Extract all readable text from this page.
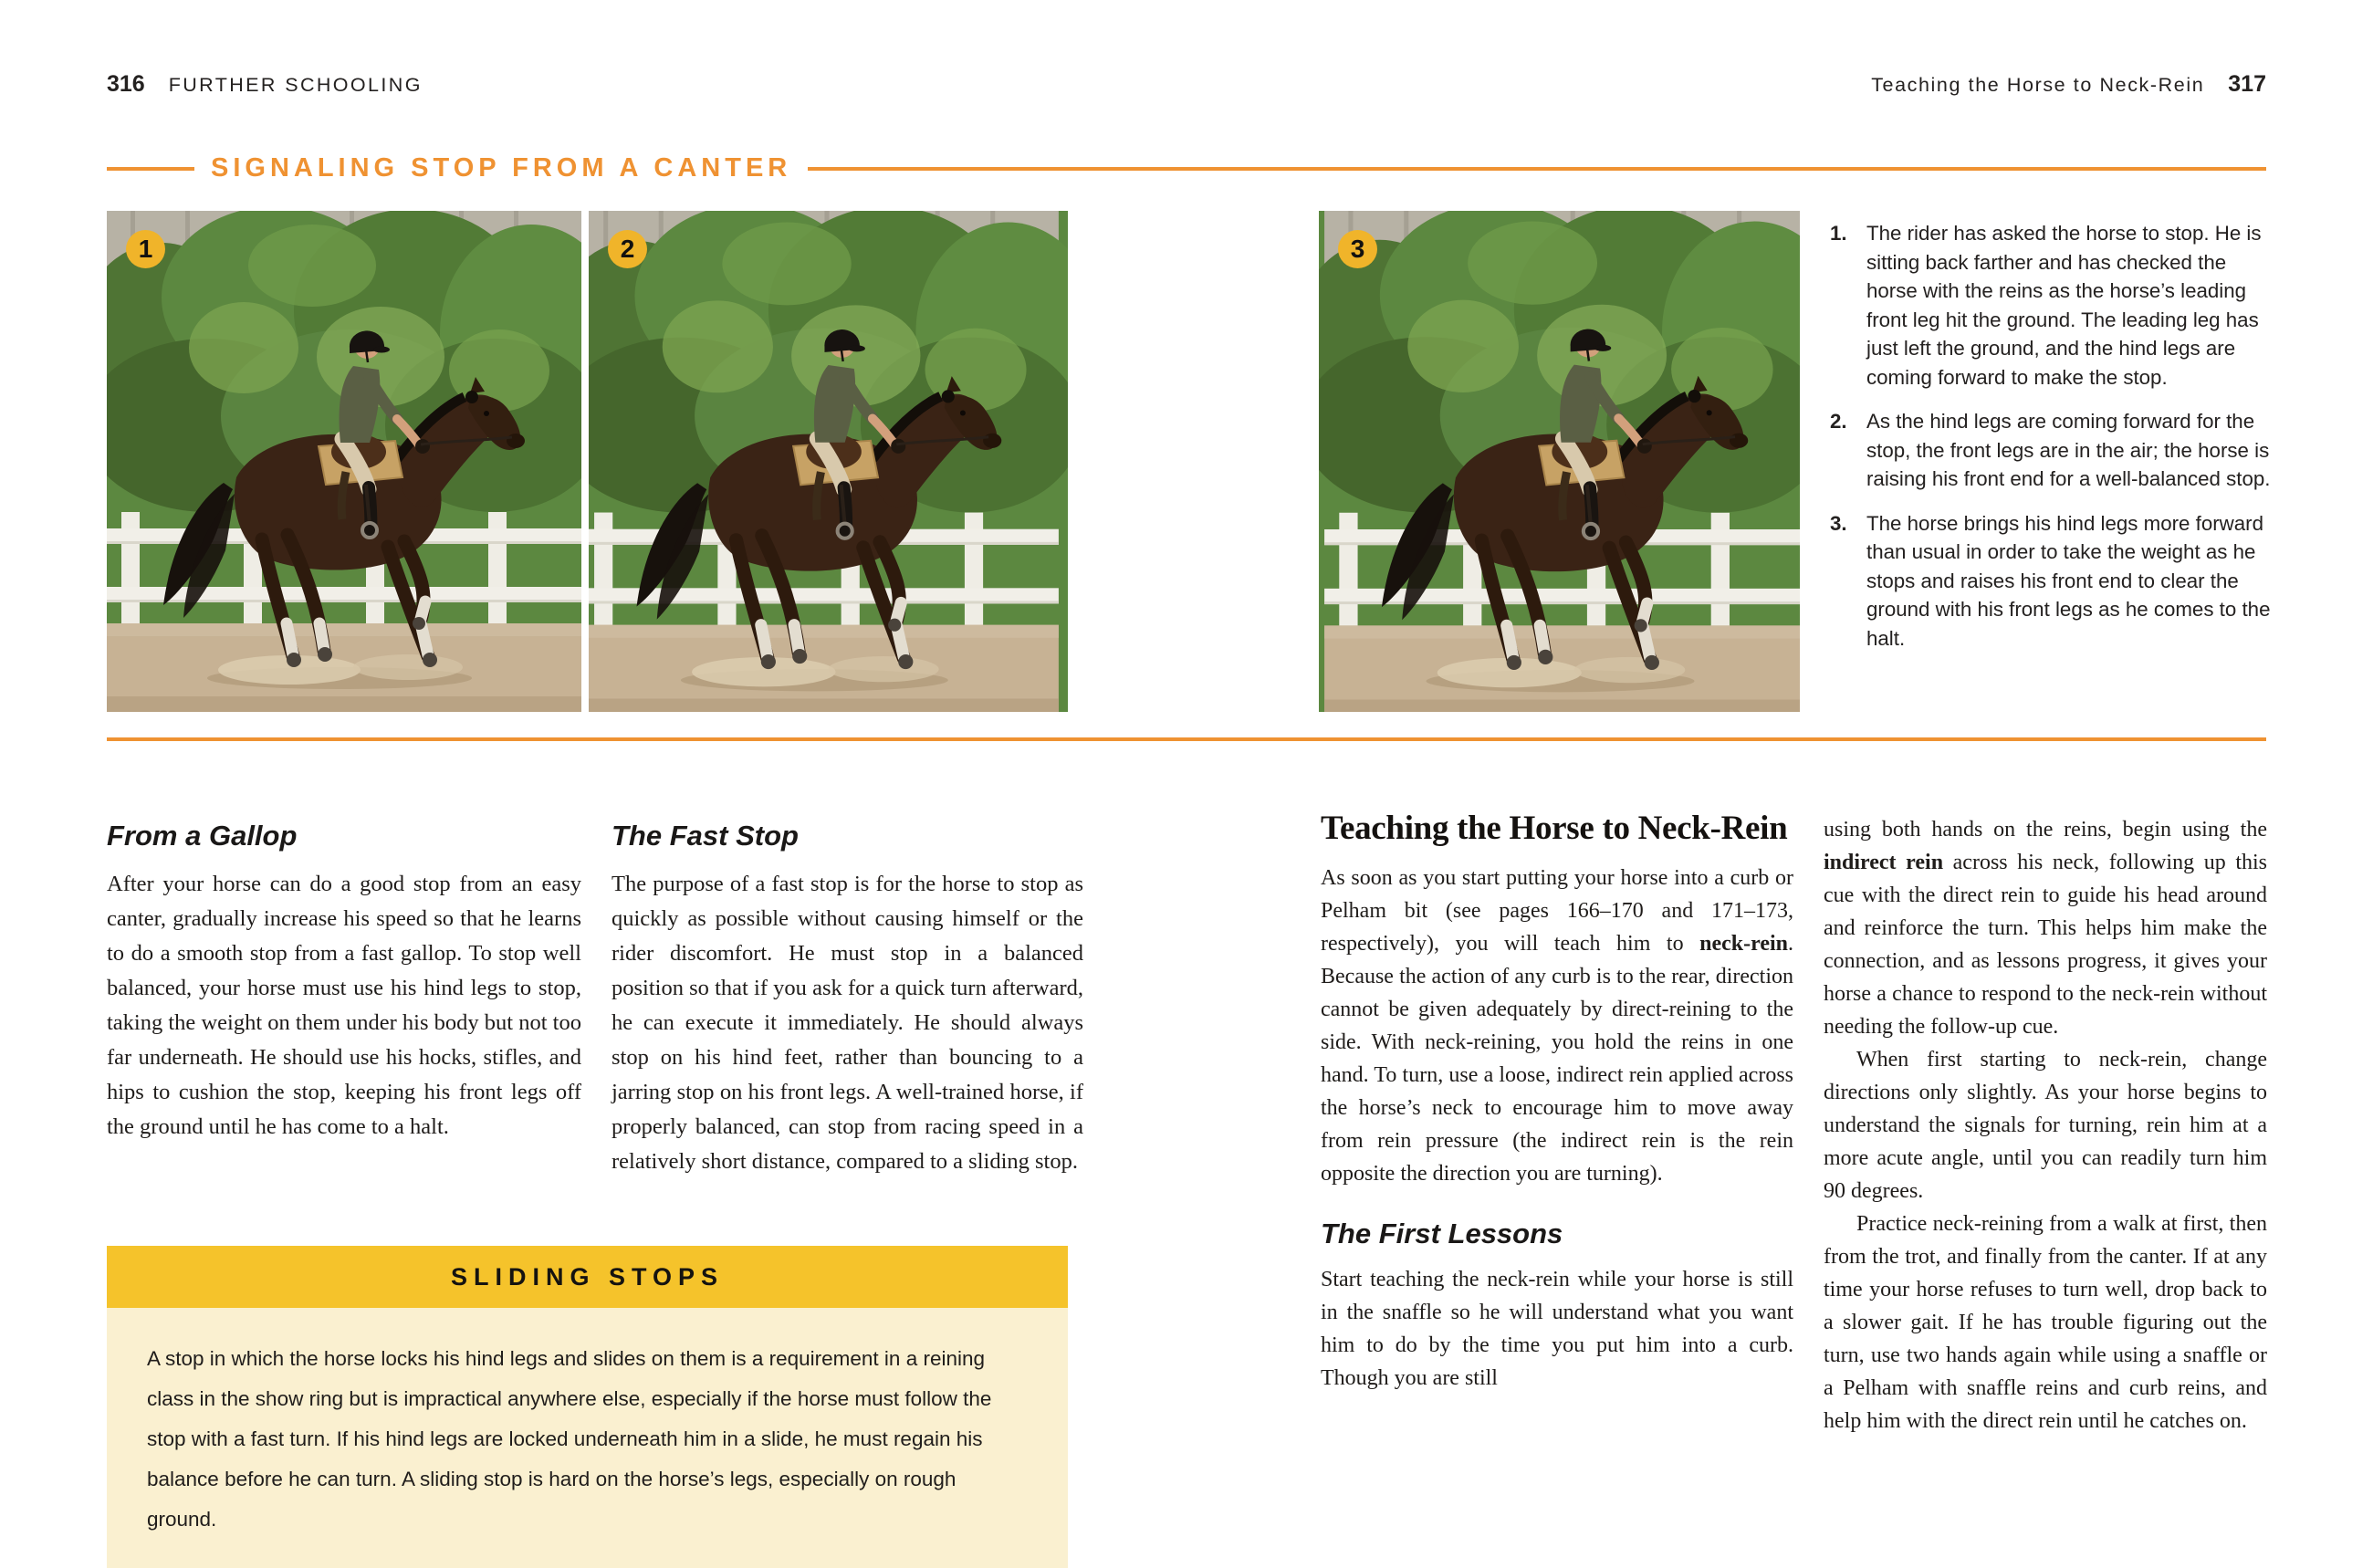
316 FURTHER SCHOOLING	Teaching the Horse to Neck-Rein 317
SIGNALING STOP FROM A CANTER
1	2	3
1. The rider has asked the horse to stop. He is sitting back farther and has checked the horse with the reins as the horse’s leading front leg hit the ground. The leading leg has just left the ground, and the hind legs are coming forward to make the stop.
2. As the hind legs are coming forward for the stop, the front legs are in the air; the horse is raising his front end for a well-balanced stop.
3. The horse brings his hind legs more forward than usual in order to take the weight as he stops and raises his front end to clear the ground with his front legs as he comes to the halt.
From a Gallop

After your horse can do a good stop from an easy canter, gradually increase his speed so that he learns to do a smooth stop from a fast gallop. To stop well balanced, your horse must use his hind legs to stop, taking the weight on them under his body but not too far underneath. He should use his hocks, stifles, and hips to cushion the stop, keeping his front legs off the ground until he has come to a halt.

The Fast Stop

The purpose of a fast stop is for the horse to stop as quickly as possible without causing himself or the rider discomfort. He must stop in a balanced position so that if you ask for a quick turn afterward, he can execute it immediately. He should always stop on his hind feet, rather than bouncing to a jarring stop on his front legs. A well-trained horse, if properly balanced, can stop from racing speed in a relatively short distance, compared to a sliding stop.

SLIDING STOPS
A stop in which the horse locks his hind legs and slides on them is a requirement in a reining class in the show ring but is impractical anywhere else, especially if the horse must follow the stop with a fast turn. If his hind legs are locked underneath him in a slide, he must regain his balance before he can turn. A sliding stop is hard on the horse’s legs, especially on rough ground.
Teaching the Horse to Neck-Rein

As soon as you start putting your horse into a curb or Pelham bit (see pages 166–170 and 171–173, respectively), you will teach him to neck-rein. Because the action of any curb is to the rear, direction cannot be given adequately by direct-reining to the side. With neck-reining, you hold the reins in one hand. To turn, use a loose, indirect rein applied across the horse’s neck to encourage him to move away from rein pressure (the indirect rein is the rein opposite the direction you are turning).

The First Lessons

Start teaching the neck-rein while your horse is still in the snaffle so he will understand what you want him to do by the time you put him into a curb. Though you are still

using both hands on the reins, begin using the indirect rein across his neck, following up this cue with the direct rein to guide his head around and reinforce the turn. This helps him make the connection, and as lessons progress, it gives your horse a chance to respond to the neck-rein without needing the follow-up cue.

When first starting to neck-rein, change directions only slightly. As your horse begins to understand the signals for turning, rein him at a more acute angle, until you can readily turn him 90 degrees.

Practice neck-reining from a walk at first, then from the trot, and finally from the canter. If at any time your horse refuses to turn well, drop back to a slower gait. If he has trouble figuring out the turn, use two hands again while using a snaffle or a Pelham with snaffle reins and curb reins, and help him with the direct rein until he catches on.
